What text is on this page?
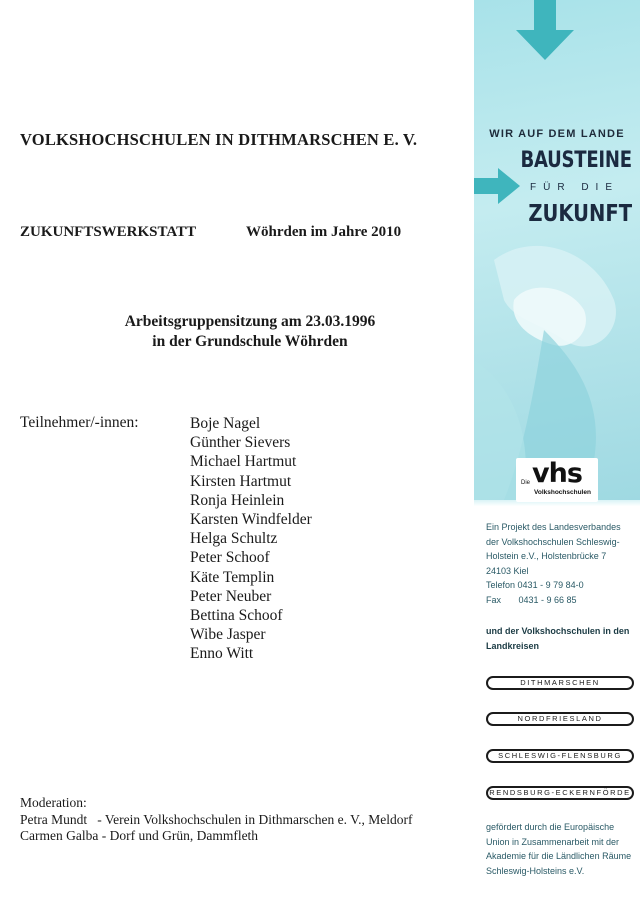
VOLKSHOCHSCHULEN IN DITHMARSCHEN E. V.
ZUKUNFTSWERKSTATT	Wöhrden im Jahre 2010
Arbeitsgruppensitzung am 23.03.1996
in der Grundschule Wöhrden
Teilnehmer/-innen:	Boje Nagel
Günther Sievers
Michael Hartmut
Kirsten Hartmut
Ronja Heinlein
Karsten Windfelder
Helga Schultz
Peter Schoof
Käte Templin
Peter Neuber
Bettina Schoof
Wibe Jasper
Enno Witt
Moderation:
Petra Mundt   - Verein Volkshochschulen in Dithmarschen e. V., Meldorf
Carmen Galba - Dorf und Grün, Dammfleth
WIR AUF DEM LANDE
BAUSTEINE
FÜR DIE
ZUKUNFT
Die vhs
Volkshochschulen
Ein Projekt des Landesverbandes
der Volkshochschulen Schleswig-
Holstein e.V., Holstenbrücke 7
24103 Kiel
Telefon 0431 - 9 79 84-0
Fax 0431 - 9 66 85
und der Volkshochschulen in den Landkreisen
DITHMARSCHEN
NORDFRIESLAND
SCHLESWIG-FLENSBURG
RENDSBURG-ECKERNFÖRDE
gefördert durch die Europäische Union in Zusammenarbeit mit der Akademie für die Ländlichen Räume Schleswig-Holsteins e.V.
